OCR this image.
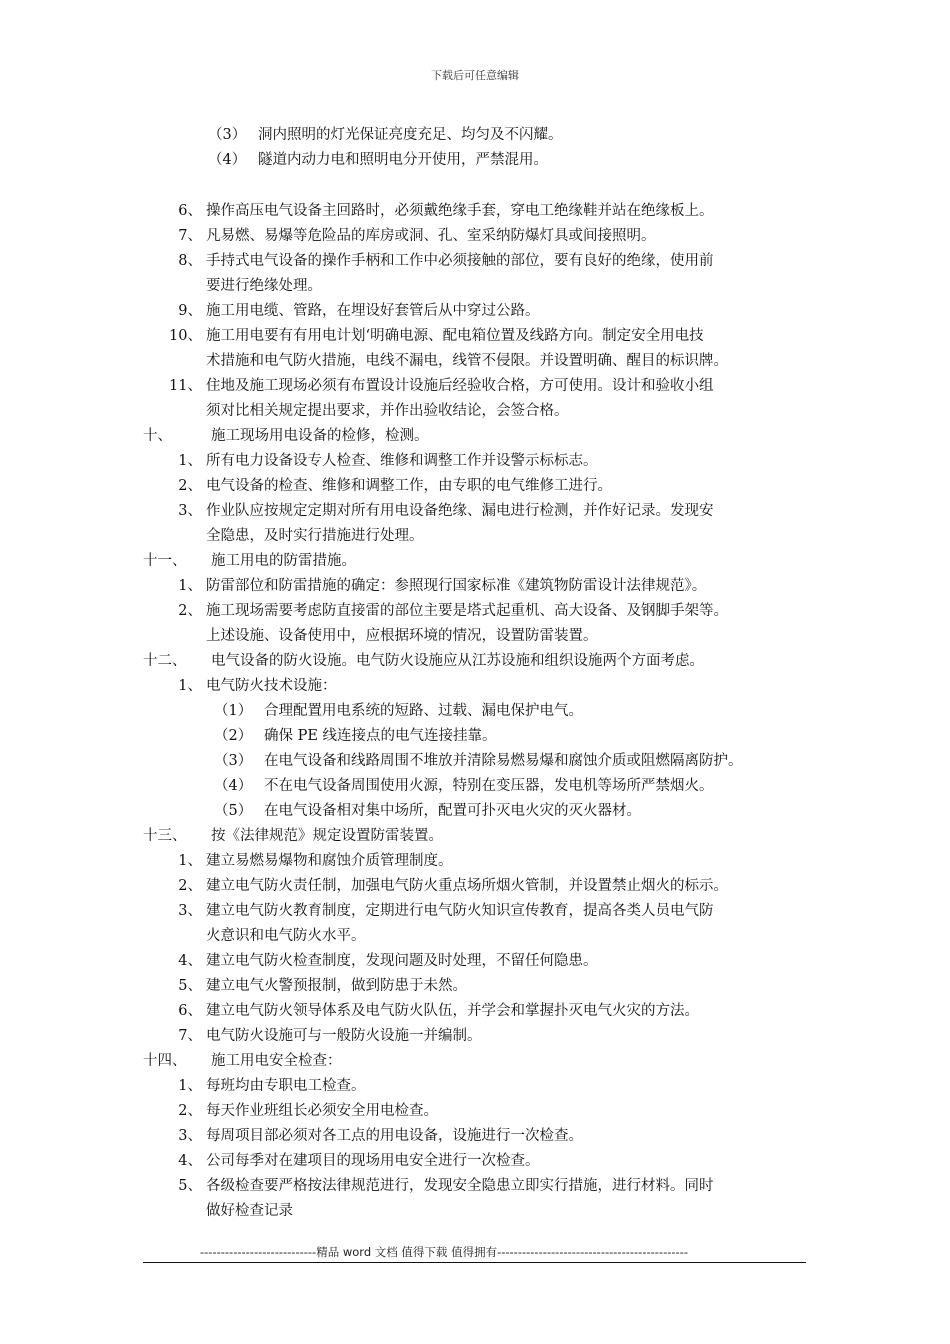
下载后可任意编辑
（3） 洞内照明的灯光保证亮度充足、均匀及不闪耀。
（4） 隧道内动力电和照明电分开使用，严禁混用。
6、 操作高压电气设备主回路时，必须戴绝缘手套，穿电工绝缘鞋并站在绝缘板上。
7、 凡易燃、易爆等危险品的库房或洞、孔、室采纳防爆灯具或间接照明。
8、 手持式电气设备的操作手柄和工作中必须接触的部位，要有良好的绝缘，使用前
要进行绝缘处理。
9、 施工用电缆、管路，在埋设好套管后从中穿过公路。
10、 施工用电要有有用电计划‘明确电源、配电箱位置及线路方向。制定安全用电技
术措施和电气防火措施，电线不漏电，线管不侵限。并设置明确、醒目的标识牌。
11、 住地及施工现场必须有布置设计设施后经验收合格，方可使用。设计和验收小组
须对比相关规定提出要求，并作出验收结论，会签合格。
十、	施工现场用电设备的检修，检测。
1、 所有电力设备设专人检查、维修和调整工作并设警示标标志。
2、 电气设备的检查、维修和调整工作，由专职的电气维修工进行。
3、 作业队应按规定定期对所有用电设备绝缘、漏电进行检测，并作好记录。发现安
全隐患，及时实行措施进行处理。
十一、 施工用电的防雷措施。
1、 防雷部位和防雷措施的确定：参照现行国家标准《建筑物防雷设计法律规范》。
2、 施工现场需要考虑防直接雷的部位主要是塔式起重机、高大设备、及钢脚手架等。
上述设施、设备使用中，应根据环境的情况，设置防雷装置。
十二、 电气设备的防火设施。电气防火设施应从江苏设施和组织设施两个方面考虑。
1、 电气防火技术设施：
（1） 合理配置用电系统的短路、过载、漏电保护电气。
（2） 确保 PE 线连接点的电气连接挂靠。
（3） 在电气设备和线路周围不堆放并清除易燃易爆和腐蚀介质或阻燃隔离防护。
（4） 不在电气设备周围使用火源，特别在变压器，发电机等场所严禁烟火。
（5） 在电气设备相对集中场所，配置可扑灭电火灾的灭火器材。
十三、 按《法律规范》规定设置防雷装置。
1、 建立易燃易爆物和腐蚀介质管理制度。
2、 建立电气防火责任制，加强电气防火重点场所烟火管制，并设置禁止烟火的标示。
3、 建立电气防火教育制度，定期进行电气防火知识宣传教育，提高各类人员电气防
火意识和电气防火水平。
4、 建立电气防火检查制度，发现问题及时处理，不留任何隐患。
5、 建立电气火警预报制，做到防患于未然。
6、 建立电气防火领导体系及电气防火队伍，并学会和掌握扑灭电气火灾的方法。
7、 电气防火设施可与一般防火设施一并编制。
十四、 施工用电安全检查：
1、 每班均由专职电工检查。
2、 每天作业班组长必须安全用电检查。
3、 每周项目部必须对各工点的用电设备，设施进行一次检查。
4、 公司每季对在建项目的现场用电安全进行一次检查。
5、 各级检查要严格按法律规范进行，发现安全隐患立即实行措施，进行材料。同时
做好检查记录
----------------------------精品 word 文档 值得下载 值得拥有----------------------------------------------
